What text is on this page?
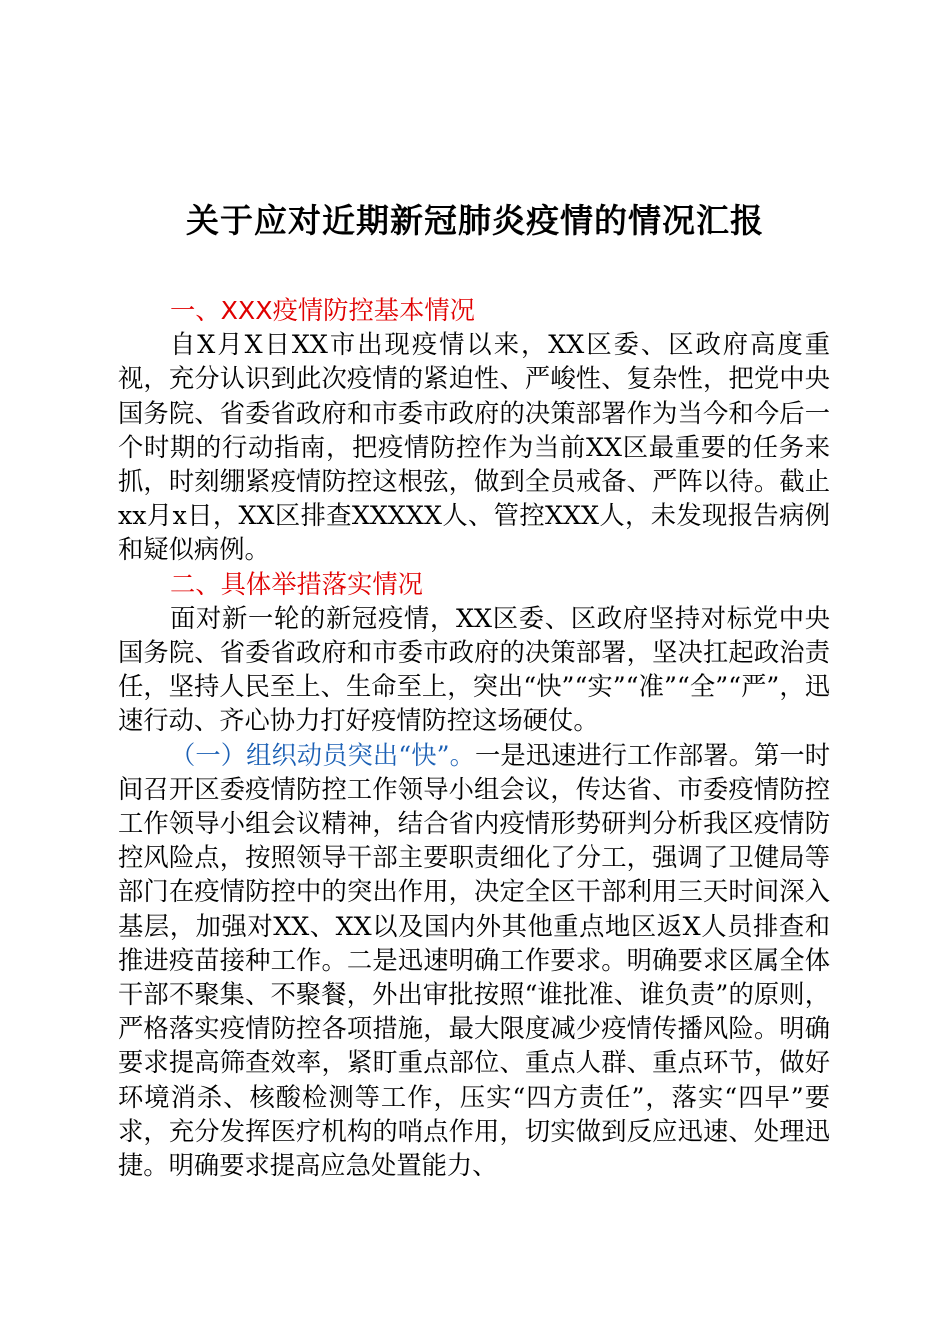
关于应对近期新冠肺炎疫情的情况汇报
一、XXX疫情防控基本情况

自X月X日XX市出现疫情以来，XX区委、区政府高度重视，充分认识到此次疫情的紧迫性、严峻性、复杂性，把党中央国务院、省委省政府和市委市政府的决策部署作为当今和今后一个时期的行动指南，把疫情防控作为当前XX区最重要的任务来抓，时刻绷紧疫情防控这根弦，做到全员戒备、严阵以待。截止xx月x日，XX区排查XXXXX人、管控XXX人，未发现报告病例和疑似病例。

二、具体举措落实情况

面对新一轮的新冠疫情，XX区委、区政府坚持对标党中央国务院、省委省政府和市委市政府的决策部署，坚决扛起政治责任，坚持人民至上、生命至上，突出“快”“实”“准”“全”“严”，迅速行动、齐心协力打好疫情防控这场硬仗。

（一）组织动员突出“快”。一是迅速进行工作部署。第一时间召开区委疫情防控工作领导小组会议，传达省、市委疫情防控工作领导小组会议精神，结合省内疫情形势研判分析我区疫情防控风险点，按照领导干部主要职责细化了分工，强调了卫健局等部门在疫情防控中的突出作用，决定全区干部利用三天时间深入基层，加强对XX、XX以及国内外其他重点地区返X人员排查和推进疫苗接种工作。二是迅速明确工作要求。明确要求区属全体干部不聚集、不聚餐，外出审批按照“谁批准、谁负责”的原则，严格落实疫情防控各项措施，最大限度减少疫情传播风险。明确要求提高筛查效率，紧盯重点部位、重点人群、重点环节，做好环境消杀、核酸检测等工作，压实“四方责任”，落实“四早”要求，充分发挥医疗机构的哨点作用，切实做到反应迅速、处理迅捷。明确要求提高应急处置能力、
